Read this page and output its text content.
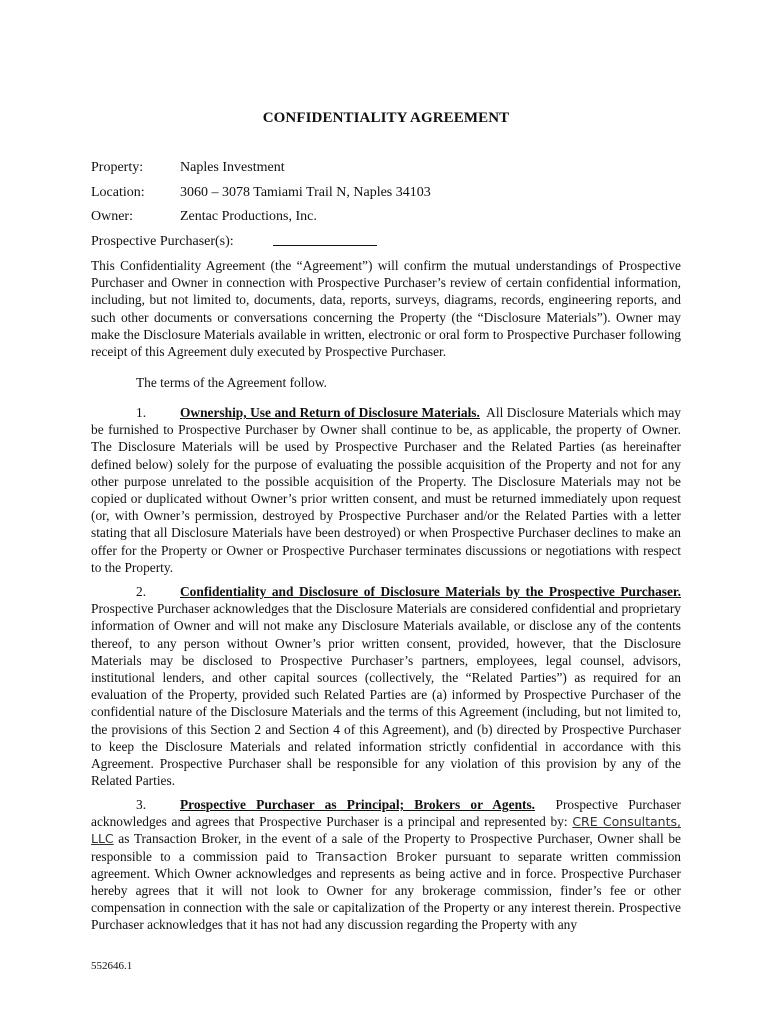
CONFIDENTIALITY AGREEMENT
Property:	Naples Investment
Location:	3060 – 3078 Tamiami Trail N, Naples 34103
Owner:	Zentac Productions, Inc.
Prospective Purchaser(s):

This Confidentiality Agreement (the “Agreement”) will confirm the mutual understandings of Prospective Purchaser and Owner in connection with Prospective Purchaser’s review of certain confidential information, including, but not limited to, documents, data, reports, surveys, diagrams, records, engineering reports, and such other documents or conversations concerning the Property (the “Disclosure Materials”). Owner may make the Disclosure Materials available in written, electronic or oral form to Prospective Purchaser following receipt of this Agreement duly executed by Prospective Purchaser.

The terms of the Agreement follow.

1.	Ownership, Use and Return of Disclosure Materials. All Disclosure Materials which may be furnished to Prospective Purchaser by Owner shall continue to be, as applicable, the property of Owner. The Disclosure Materials will be used by Prospective Purchaser and the Related Parties (as hereinafter defined below) solely for the purpose of evaluating the possible acquisition of the Property and not for any other purpose unrelated to the possible acquisition of the Property. The Disclosure Materials may not be copied or duplicated without Owner’s prior written consent, and must be returned immediately upon request (or, with Owner’s permission, destroyed by Prospective Purchaser and/or the Related Parties with a letter stating that all Disclosure Materials have been destroyed) or when Prospective Purchaser declines to make an offer for the Property or Owner or Prospective Purchaser terminates discussions or negotiations with respect to the Property.

2.	Confidentiality and Disclosure of Disclosure Materials by the Prospective Purchaser. Prospective Purchaser acknowledges that the Disclosure Materials are considered confidential and proprietary information of Owner and will not make any Disclosure Materials available, or disclose any of the contents thereof, to any person without Owner’s prior written consent, provided, however, that the Disclosure Materials may be disclosed to Prospective Purchaser’s partners, employees, legal counsel, advisors, institutional lenders, and other capital sources (collectively, the “Related Parties”) as required for an evaluation of the Property, provided such Related Parties are (a) informed by Prospective Purchaser of the confidential nature of the Disclosure Materials and the terms of this Agreement (including, but not limited to, the provisions of this Section 2 and Section 4 of this Agreement), and (b) directed by Prospective Purchaser to keep the Disclosure Materials and related information strictly confidential in accordance with this Agreement. Prospective Purchaser shall be responsible for any violation of this provision by any of the Related Parties.

3.	Prospective Purchaser as Principal; Brokers or Agents. Prospective Purchaser acknowledges and agrees that Prospective Purchaser is a principal and represented by: CRE Consultants, LLC as Transaction Broker, in the event of a sale of the Property to Prospective Purchaser, Owner shall be responsible to a commission paid to Transaction Broker pursuant to separate written commission agreement. Which Owner acknowledges and represents as being active and in force. Prospective Purchaser hereby agrees that it will not look to Owner for any brokerage commission, finder’s fee or other compensation in connection with the sale or capitalization of the Property or any interest therein. Prospective Purchaser acknowledges that it has not had any discussion regarding the Property with any

552646.1
